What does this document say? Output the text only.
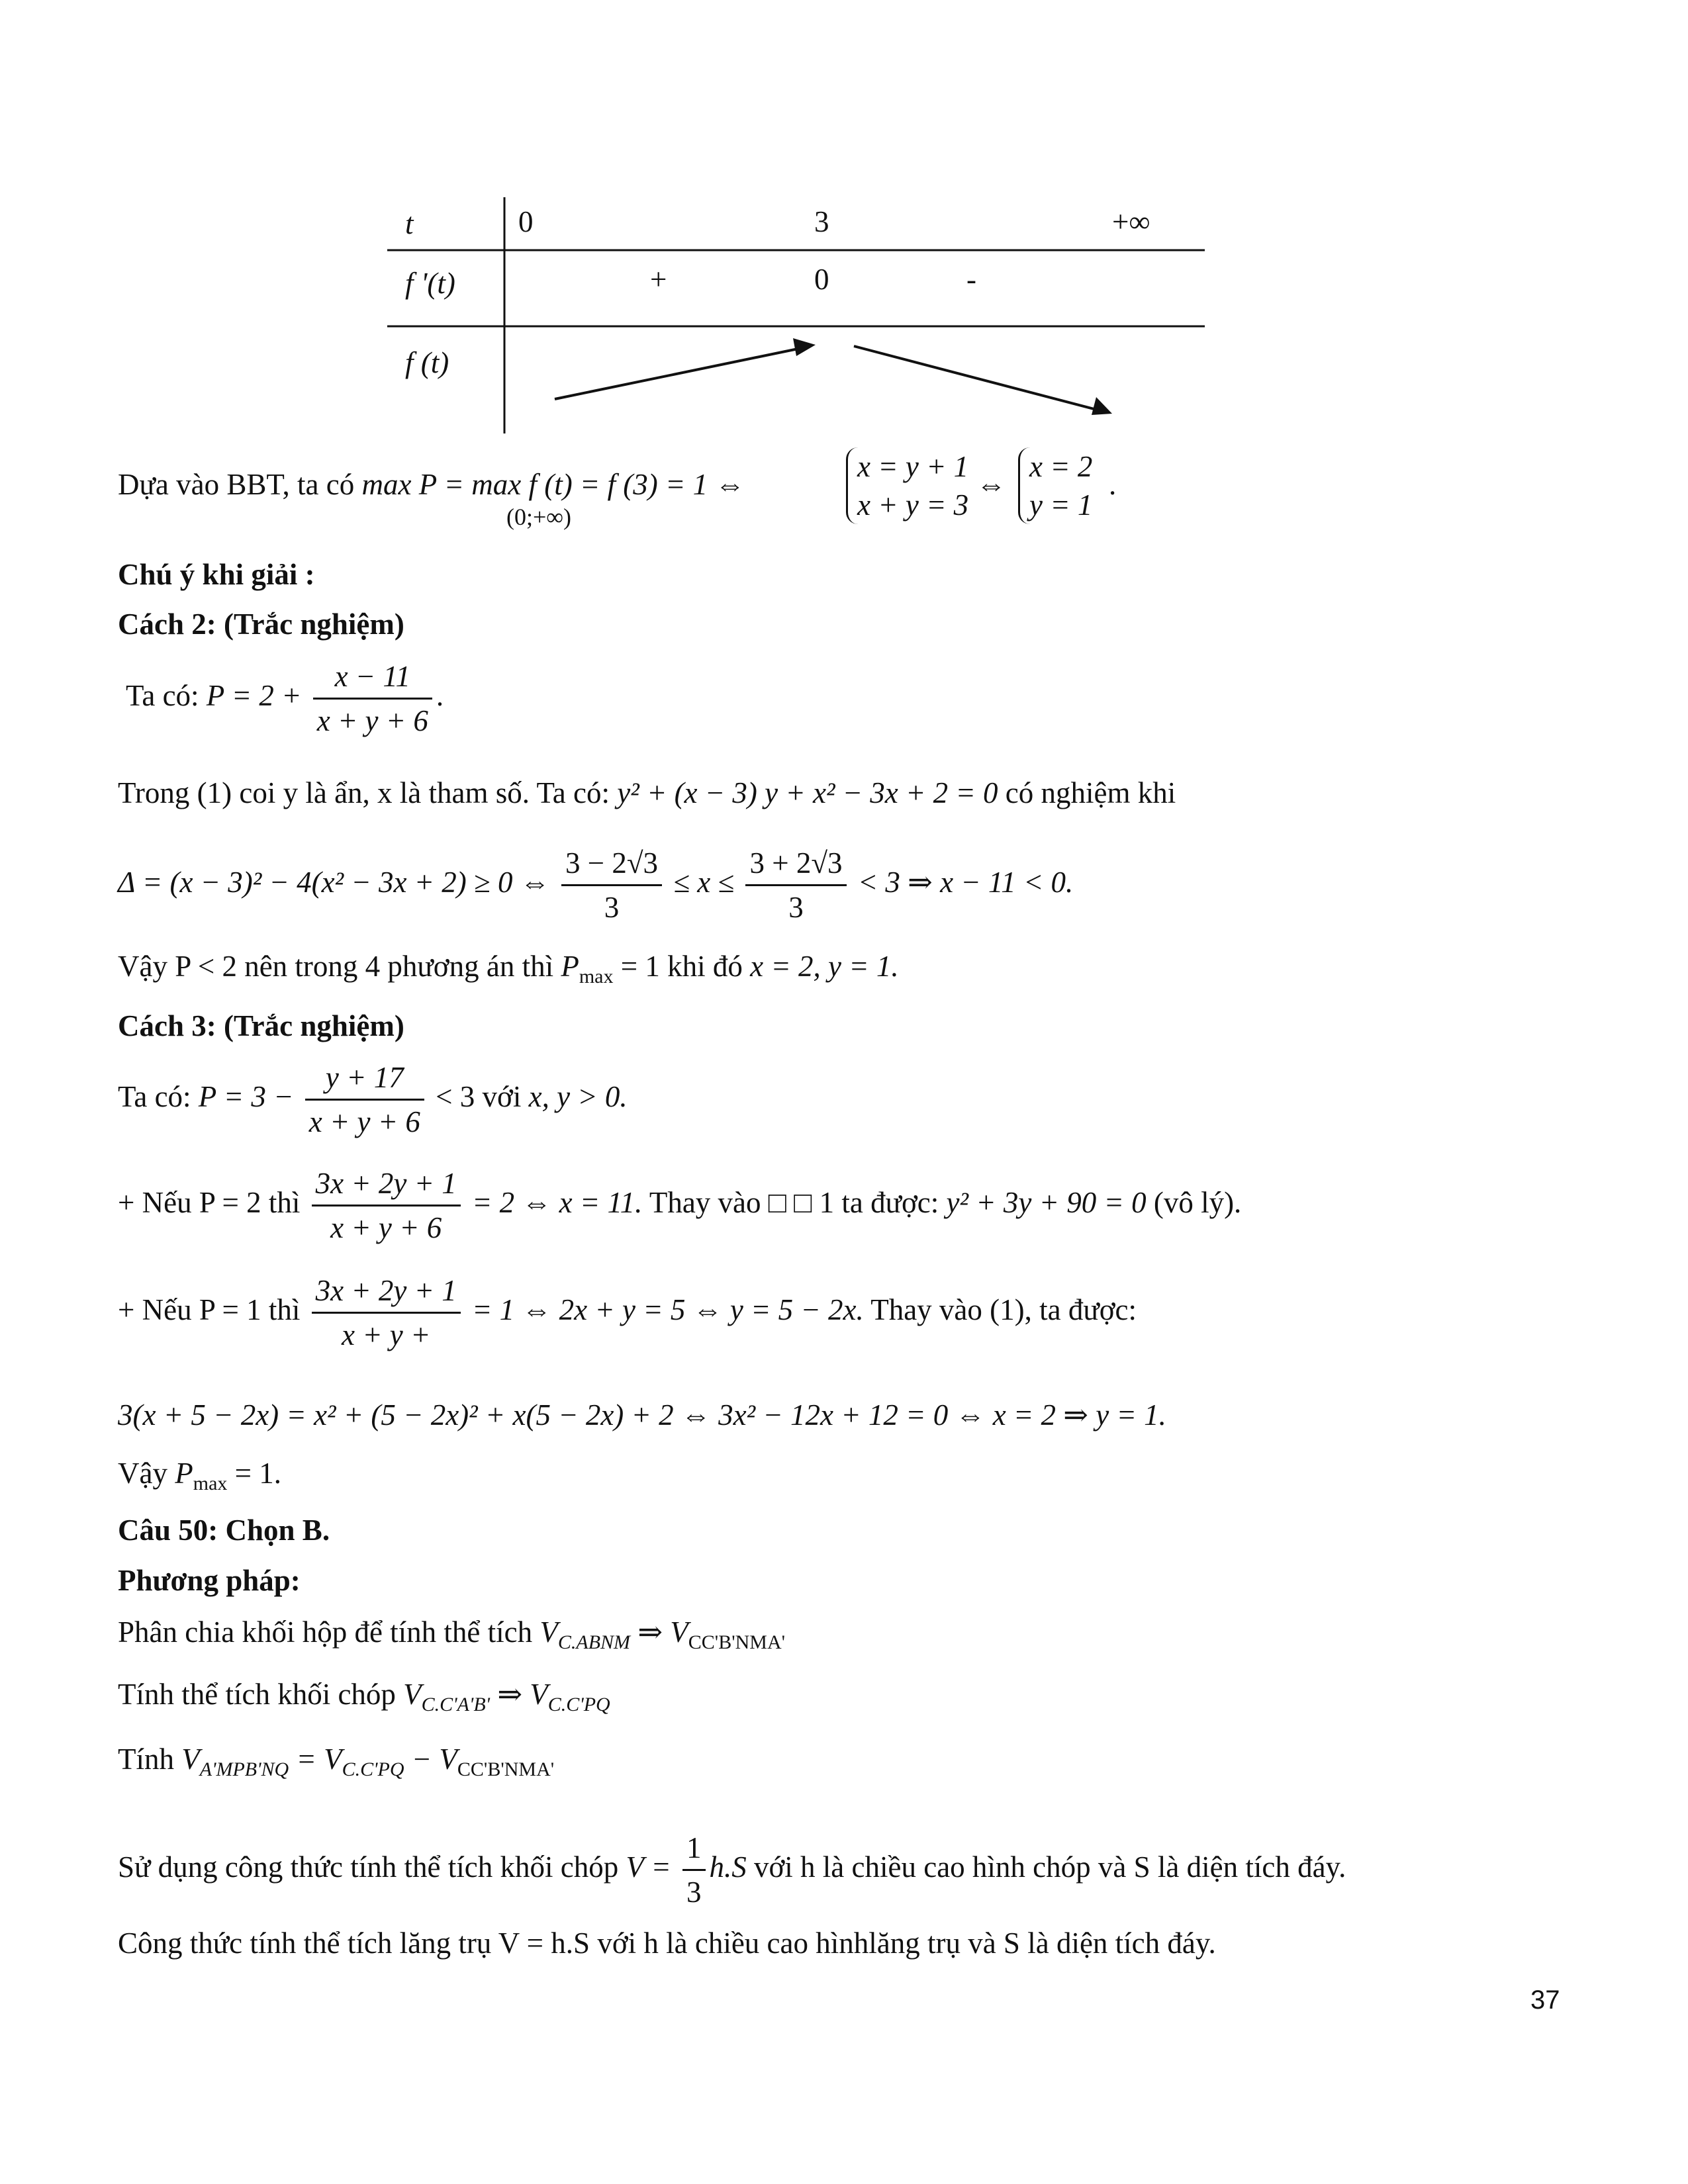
t	0	3	+∞
f '(t)	+	0	-
f (t)
Dựa vào BBT, ta có max P = max f (t) = f (3) = 1 ⇔
(0;+∞)
x = y + 1
x + y = 3
⇔
x = 2
y = 1
.
Chú ý khi giải :
Cách 2: (Trắc nghiệm)
Ta có: $P = 2 + \frac{x - 11}{x + y + 6}$ .
Trong (1) coi y là ẩn, x là tham số. Ta có: y² + (x − 3) y + x² − 3x + 2 = 0 có nghiệm khi
Δ = (x − 3)² − 4(x² − 3x + 2) ≥ 0 ⇔ $\frac{3 - 2√3}{3} \le x \le \frac{3 + 2√3}{3} < 3$ ⇒ x − 11 < 0.
Vậy P < 2 nên trong 4 phương án thì $P_{max} = 1$ khi đó x = 2, y = 1.
Cách 3: (Trắc nghiệm)
Ta có: $P = 3 - \frac{y + 17}{x + y + 6} < 3$ với x, y > 0.
+ Nếu P = 2 thì $\frac{3x + 2y + 1}{x + y + 6} = 2$ ⇔ x = 11. Thay vào □ □ 1 ta được: y² + 3y + 90 = 0 (vô lý).
+ Nếu P = 1 thì $\frac{3x + 2y + 1}{x + y +} = 1$ ⇔ 2x + y = 5 ⇔ y = 5 − 2x. Thay vào (1), ta được:
3(x + 5 − 2x) = x² + (5 − 2x)² + x(5 − 2x) + 2 ⇔ 3x² − 12x + 12 = 0 ⇔ x = 2 ⇒ y = 1.
Vậy $P_{max} = 1$.
Câu 50: Chọn B.
Phương pháp:
Phân chia khối hộp để tính thể tích $V_{C.ABNM}$ ⇒ $V_{CC'B'NMA'}$
Tính thể tích khối chóp $V_{C.C'A'B'}$ ⇒ $V_{C.C'PQ}$
Tính $V_{A'MPB'NQ} = V_{C.C'PQ} - V_{CC'B'NMA'}$
Sử dụng công thức tính thể tích khối chóp $V = \frac{1}{3} h.S$ với h là chiều cao hình chóp và S là diện tích đáy.
Công thức tính thể tích lăng trụ V = h.S với h là chiều cao hìnhlăng trụ và S là diện tích đáy.
37
